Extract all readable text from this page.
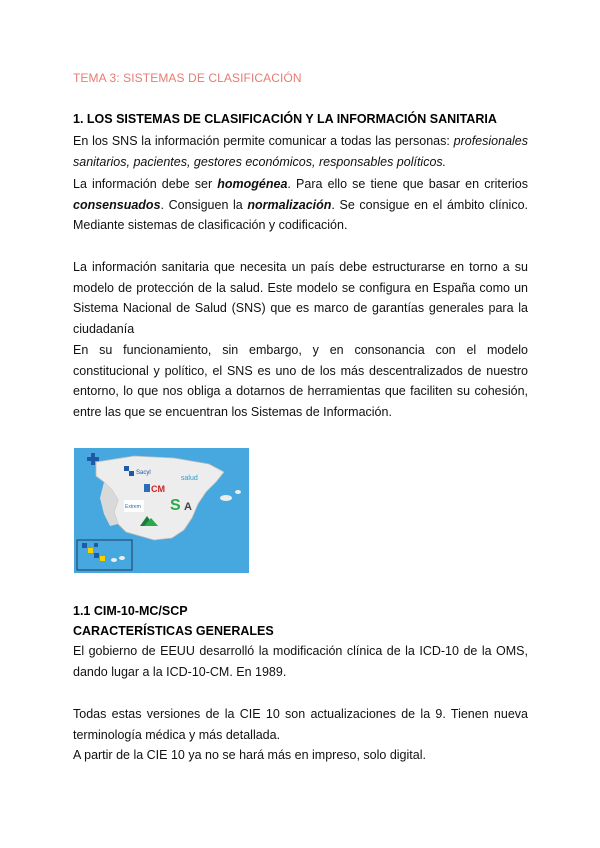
TEMA 3: SISTEMAS DE CLASIFICACIÓN
1. LOS SISTEMAS DE CLASIFICACIÓN Y LA INFORMACIÓN SANITARIA
En los SNS la información permite comunicar a todas las personas: profesionales sanitarios, pacientes, gestores económicos, responsables políticos.
La información debe ser homogénea. Para ello se tiene que basar en criterios consensuados. Consiguen la normalización. Se consigue en el ámbito clínico. Mediante sistemas de clasificación y codificación.
La información sanitaria que necesita un país debe estructurarse en torno a su modelo de protección de la salud. Este modelo se configura en España como un Sistema Nacional de Salud (SNS) que es marco de garantías generales para la ciudadanía
En su funcionamiento, sin embargo, y en consonancia con el modelo constitucional y político, el SNS es uno de los más descentralizados de nuestro entorno, lo que nos obliga a dotarnos de herramientas que faciliten su cohesión, entre las que se encuentran los Sistemas de Información.
Sacyl
salud
CM
S
Extrem	A
1.1 CIM-10-MC/SCP
CARACTERÍSTICAS GENERALES
El gobierno de EEUU desarrolló la modificación clínica de la ICD-10 de la OMS, dando lugar a la ICD-10-CM. En 1989.
Todas estas versiones de la CIE 10 son actualizaciones de la 9. Tienen nueva terminología médica y más detallada.
A partir de la CIE 10 ya no se hará más en impreso, solo digital.
